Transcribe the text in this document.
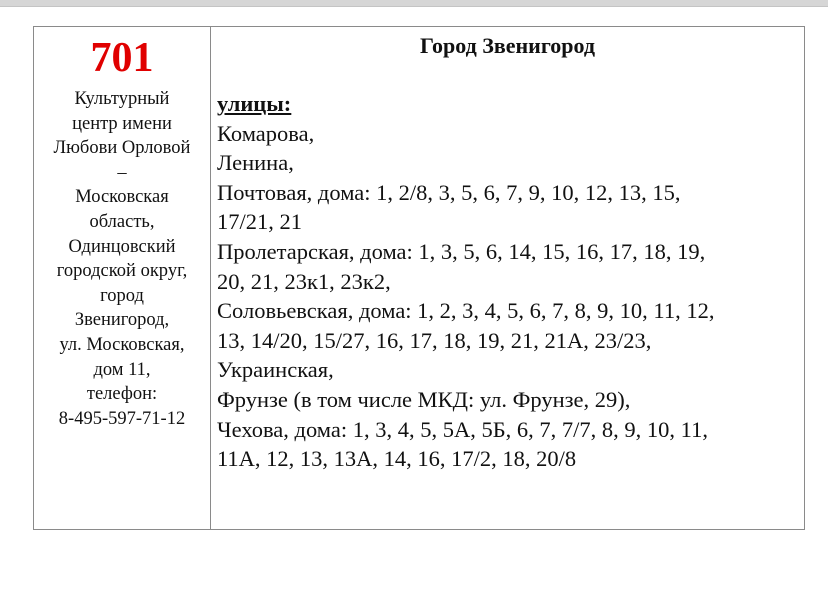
701
Культурный
центр имени
Любови Орловой
–
Московская
область,
Одинцовский
городской округ,
город
Звенигород,
ул. Московская,
дом 11,
телефон:
8-495-597-71-12
Город Звенигород
улицы:
Комарова,
Ленина,
Почтовая, дома: 1, 2/8, 3, 5, 6, 7, 9, 10, 12, 13, 15,
17/21, 21
Пролетарская, дома: 1, 3, 5, 6, 14, 15, 16, 17, 18, 19,
20, 21, 23к1, 23к2,
Соловьевская, дома: 1, 2, 3, 4, 5, 6, 7, 8, 9, 10, 11, 12,
13, 14/20, 15/27, 16, 17, 18, 19, 21, 21А, 23/23,
Украинская,
Фрунзе (в том числе МКД: ул. Фрунзе, 29),
Чехова, дома: 1, 3, 4, 5, 5А, 5Б, 6, 7, 7/7, 8, 9, 10, 11,
11А, 12, 13, 13А, 14, 16, 17/2, 18, 20/8
